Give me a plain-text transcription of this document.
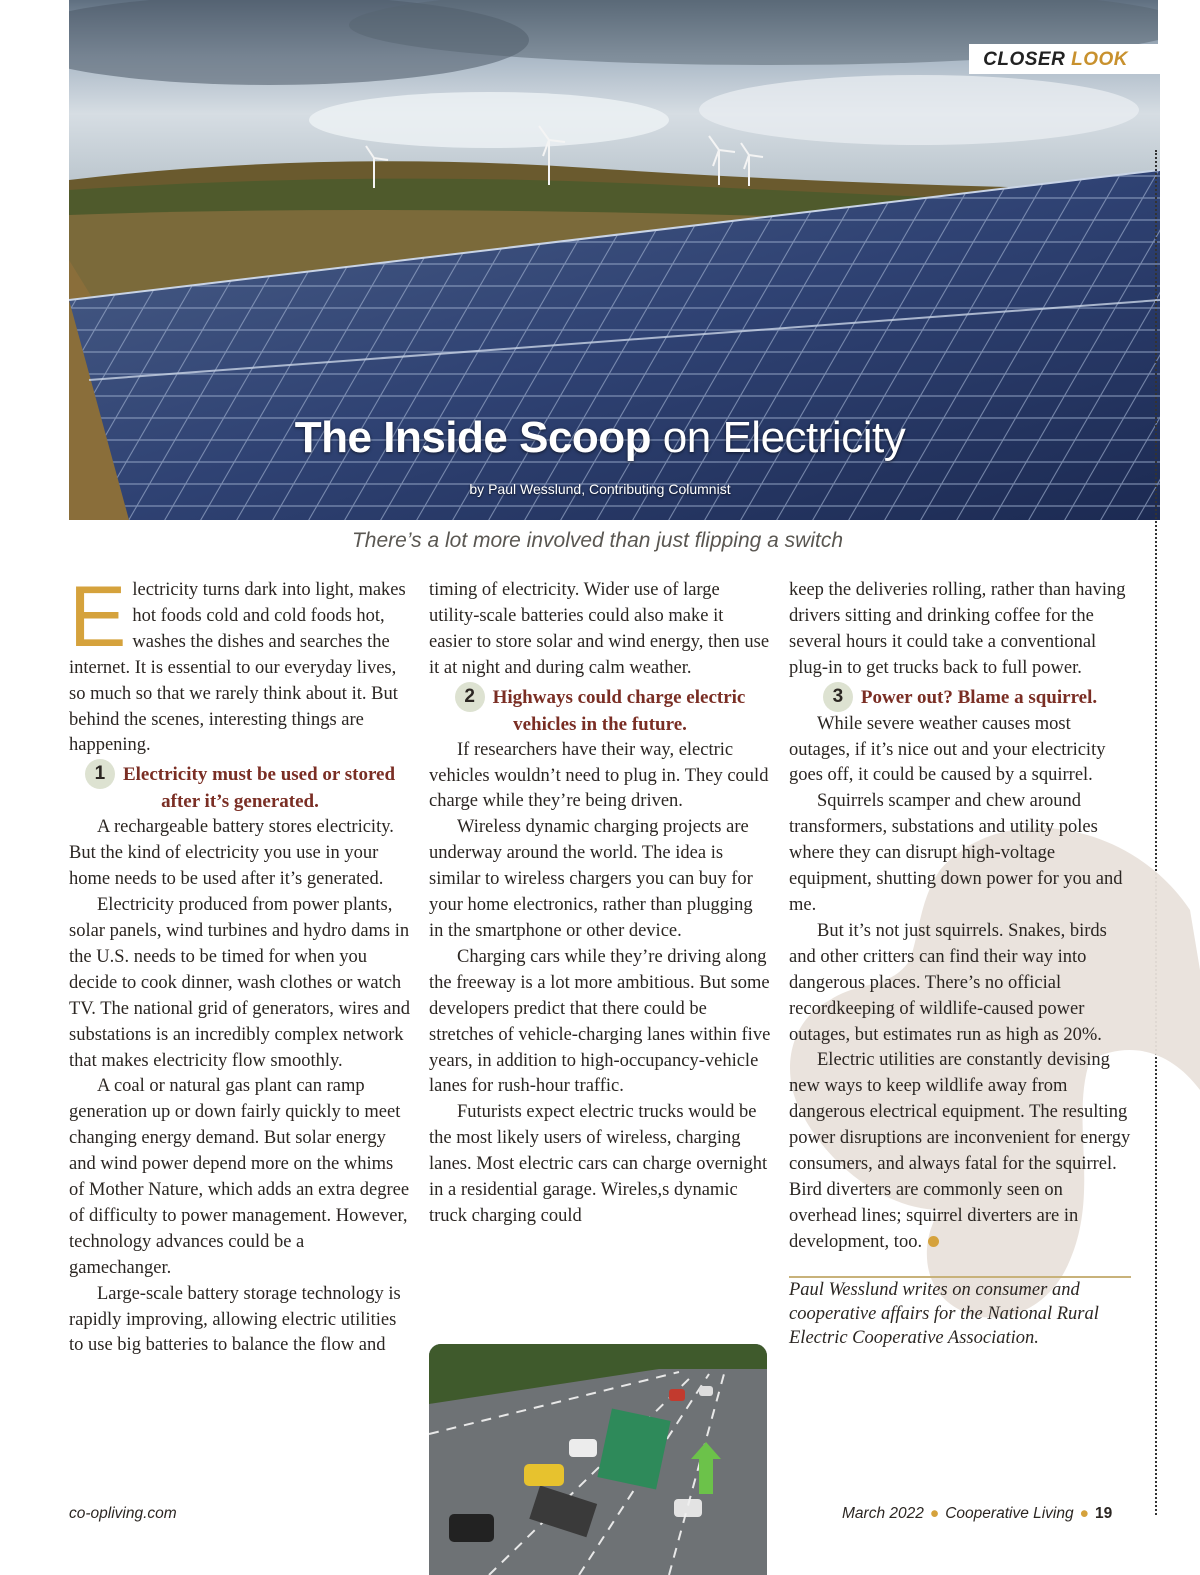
CLOSER LOOK
The Inside Scoop on Electricity
by Paul Wesslund, Contributing Columnist
There’s a lot more involved than just flipping a switch

Electricity turns dark into light, makes hot foods cold and cold foods hot, washes the dishes and searches the internet. It is essential to our everyday lives, so much so that we rarely think about it. But behind the scenes, interesting things are happening.

1 Electricity must be used or stored after it’s generated.

A rechargeable battery stores electricity. But the kind of electricity you use in your home needs to be used after it’s generated.

Electricity produced from power plants, solar panels, wind turbines and hydro dams in the U.S. needs to be timed for when you decide to cook dinner, wash clothes or watch TV. The national grid of generators, wires and substations is an incredibly complex network that makes electricity flow smoothly.

A coal or natural gas plant can ramp generation up or down fairly quickly to meet changing energy demand. But solar energy and wind power depend more on the whims of Mother Nature, which adds an extra degree of difficulty to power management. However, technology advances could be a gamechanger.

Large-scale battery storage technology is rapidly improving, allowing electric utilities to use big batteries to balance the flow and

timing of electricity. Wider use of large utility-scale batteries could also make it easier to store solar and wind energy, then use it at night and during calm weather.

2 Highways could charge electric vehicles in the future.

If researchers have their way, electric vehicles wouldn’t need to plug in. They could charge while they’re being driven.

Wireless dynamic charging projects are underway around the world. The idea is similar to wireless chargers you can buy for your home electronics, rather than plugging in the smartphone or other device.

Charging cars while they’re driving along the freeway is a lot more ambitious. But some developers predict that there could be stretches of vehicle-charging lanes within five years, in addition to high-occupancy-vehicle lanes for rush-hour traffic.

Futurists expect electric trucks would be the most likely users of wireless, charging lanes. Most electric cars can charge overnight in a residential garage. Wireles,s dynamic truck charging could

keep the deliveries rolling, rather than having drivers sitting and drinking coffee for the several hours it could take a conventional plug-in to get trucks back to full power.

3 Power out? Blame a squirrel.

While severe weather causes most outages, if it’s nice out and your electricity goes off, it could be caused by a squirrel.

Squirrels scamper and chew around transformers, substations and utility poles where they can disrupt high-voltage equipment, shutting down power for you and me.

But it’s not just squirrels. Snakes, birds and other critters can find their way into dangerous places. There’s no official recordkeeping of wildlife-caused power outages, but estimates run as high as 20%.

Electric utilities are constantly devising new ways to keep wildlife away from dangerous electrical equipment. The resulting power disruptions are inconvenient for energy consumers, and always fatal for the squirrel. Bird diverters are commonly seen on overhead lines; squirrel diverters are in development, too.

Paul Wesslund writes on consumer and cooperative affairs for the National Rural Electric Cooperative Association.

co-opliving.com	March 2022 ● Cooperative Living ● 19
